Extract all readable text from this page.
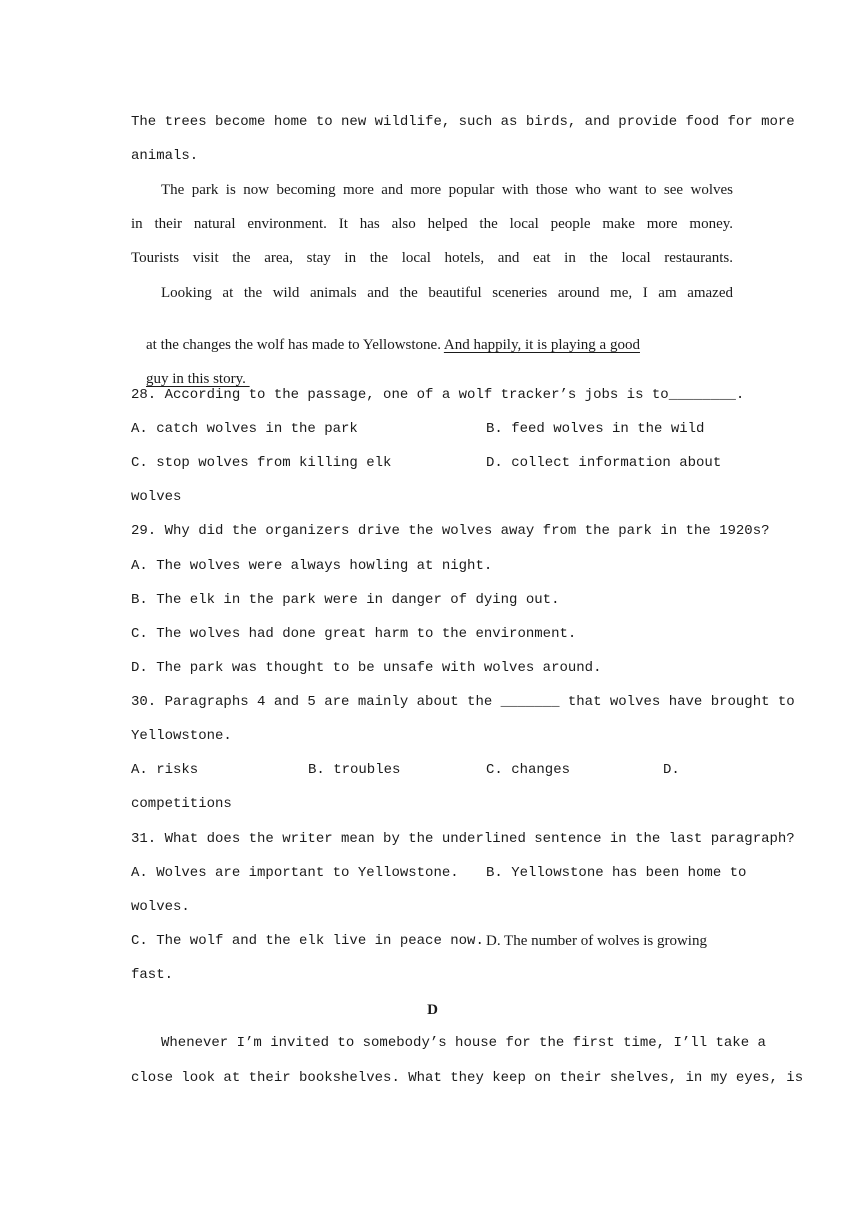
The trees become home to new wildlife, such as birds, and provide food for more
animals.
The park is now becoming more and more popular with those who want to see wolves
in their natural environment. It has also helped the local people make more money.
Tourists visit the area, stay in the local hotels, and eat in the local restaurants.
Looking at the wild animals and the beautiful sceneries around me, I am amazed

at the changes the wolf has made to Yellowstone. And happily, it is playing a good

guy in this story.

28. According to the passage, one of a wolf tracker’s jobs is to________.
A. catch wolves in the park	B. feed wolves in the wild
C. stop wolves from killing elk	D. collect information about
wolves
29. Why did the organizers drive the wolves away from the park in the 1920s?
A. The wolves were always howling at night.
B. The elk in the park were in danger of dying out.
C. The wolves had done great harm to the environment.
D. The park was thought to be unsafe with wolves around.
30. Paragraphs 4 and 5 are mainly about the _______ that wolves have brought to
Yellowstone.
A. risks	B. troubles	C. changes	D.
competitions
31. What does the writer mean by the underlined sentence in the last paragraph?
A. Wolves are important to Yellowstone. B. Yellowstone has been home to
wolves.
C. The wolf and the elk live in peace now. D. The number of wolves is growing
fast.
D
Whenever I’m invited to somebody’s house for the first time, I’ll take a
close look at their bookshelves. What they keep on their shelves, in my eyes, is
